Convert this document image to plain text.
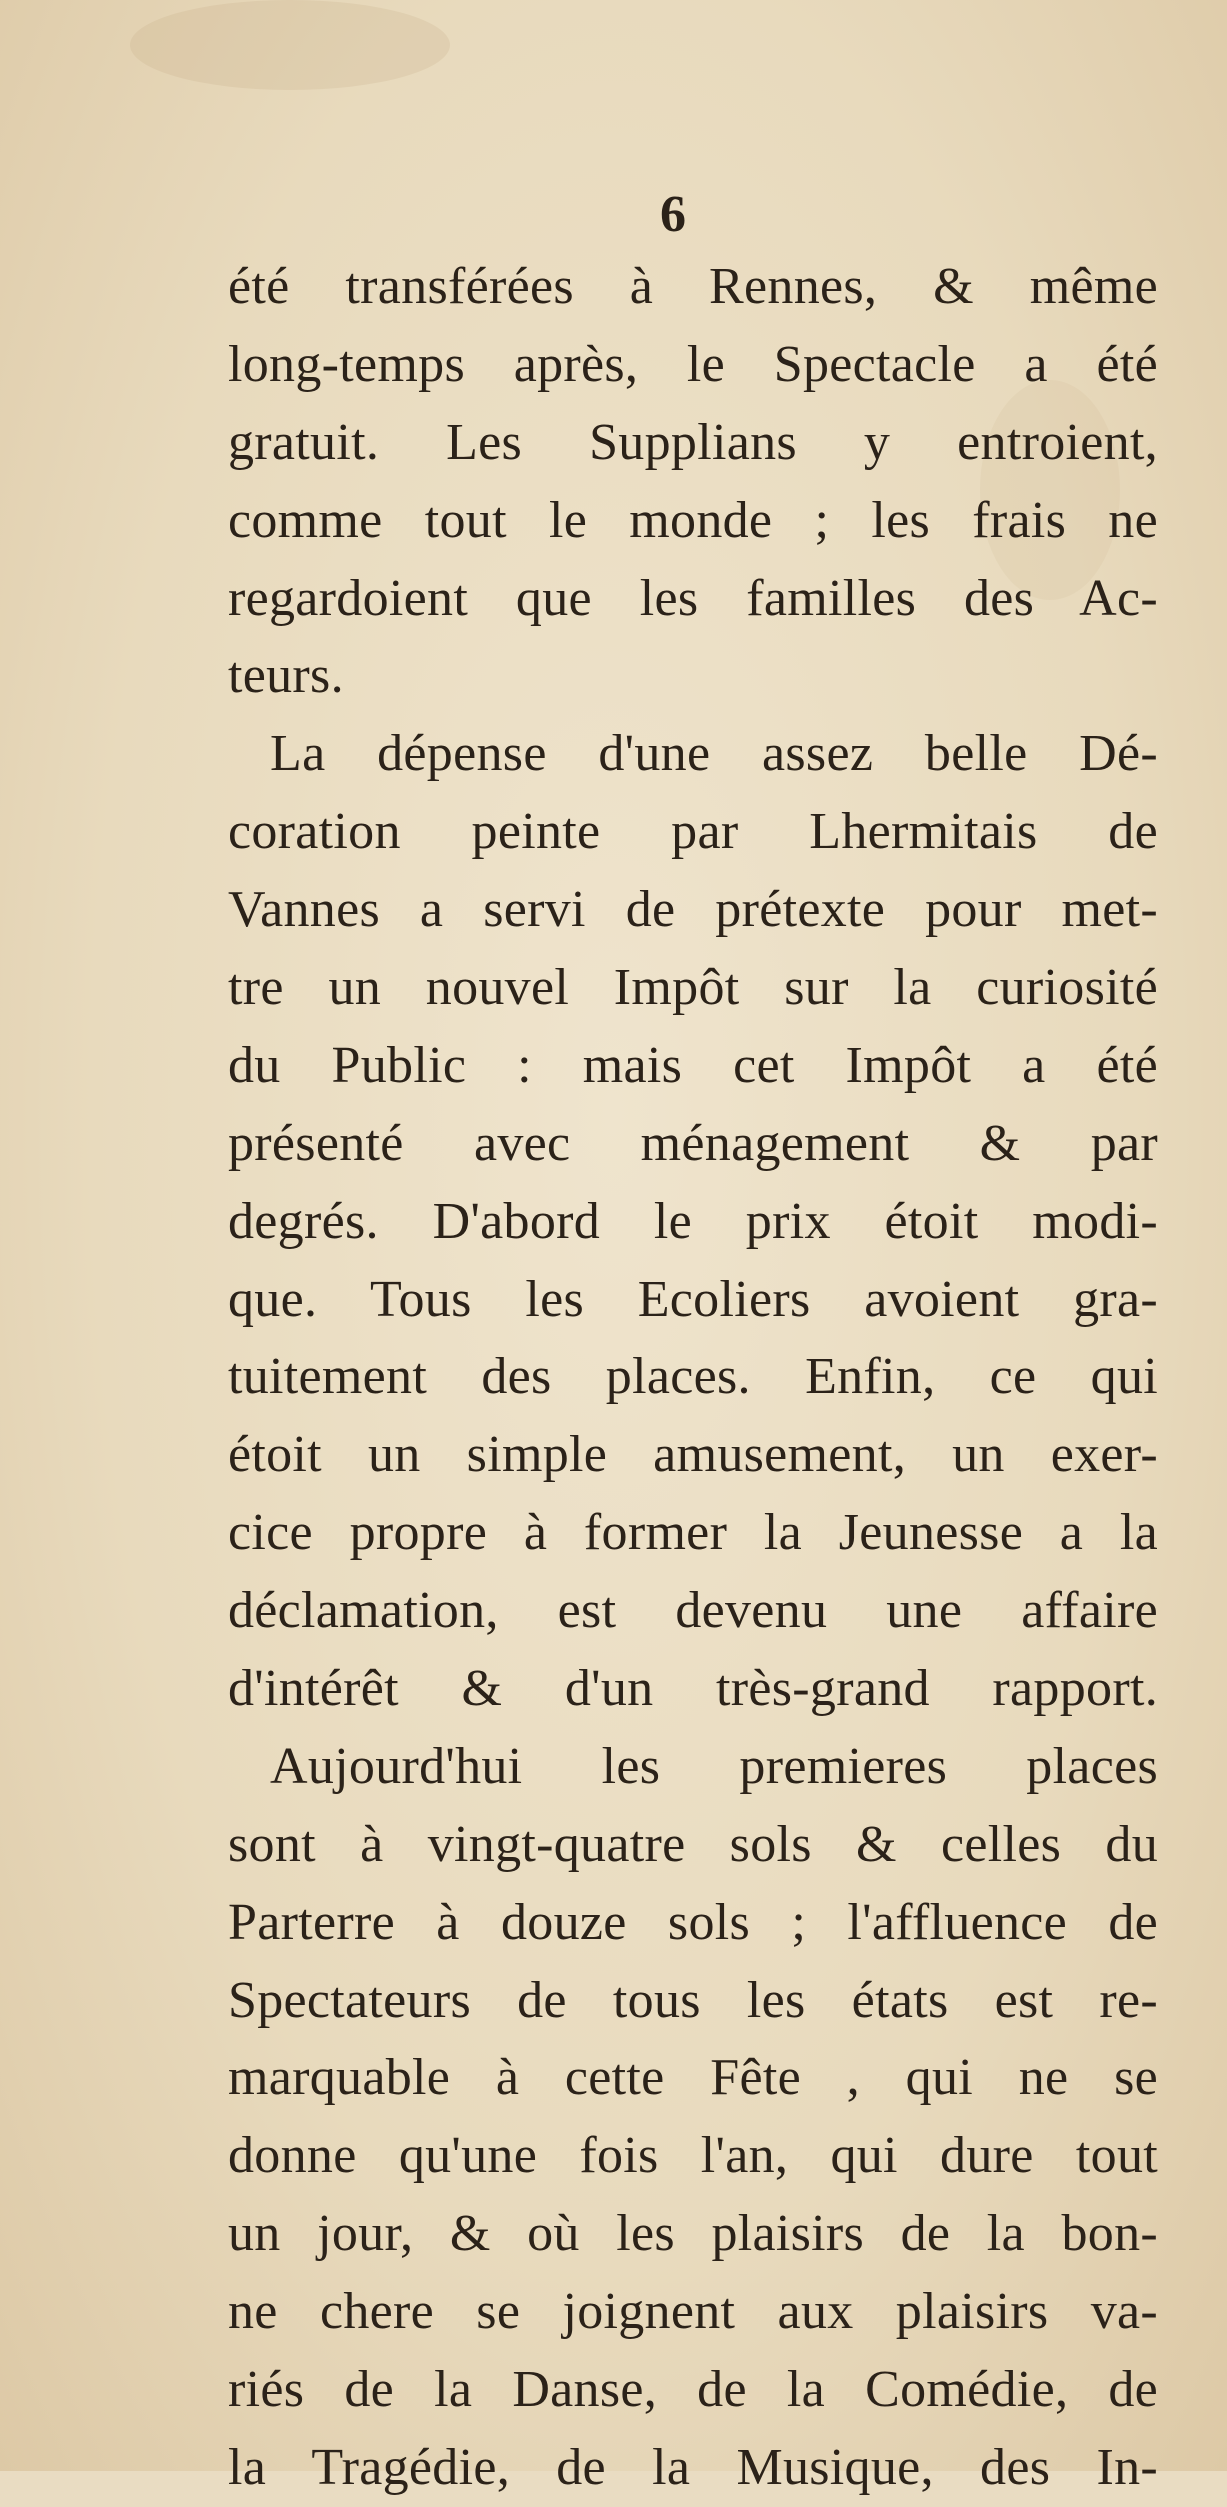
6
été transférées à Rennes, & même
long-temps après, le Spectacle a été
gratuit. Les Supplians y entroient,
comme tout le monde ; les frais ne
regardoient que les familles des Ac-
teurs.
La dépense d'une assez belle Dé-
coration peinte par Lhermitais de
Vannes a servi de prétexte pour met-
tre un nouvel Impôt sur la curiosité
du Public : mais cet Impôt a été
présenté avec ménagement & par
degrés. D'abord le prix étoit modi-
que. Tous les Ecoliers avoient gra-
tuitement des places. Enfin, ce qui
étoit un simple amusement, un exer-
cice propre à former la Jeunesse a la
déclamation, est devenu une affaire
d'intérêt & d'un très-grand rapport.
Aujourd'hui les premieres places
sont à vingt-quatre sols & celles du
Parterre à douze sols ; l'affluence de
Spectateurs de tous les états est re-
marquable à cette Fête , qui ne se
donne qu'une fois l'an, qui dure tout
un jour, & où les plaisirs de la bon-
ne chere se joignent aux plaisirs va-
riés de la Danse, de la Comédie, de
la Tragédie, de la Musique, des In-
